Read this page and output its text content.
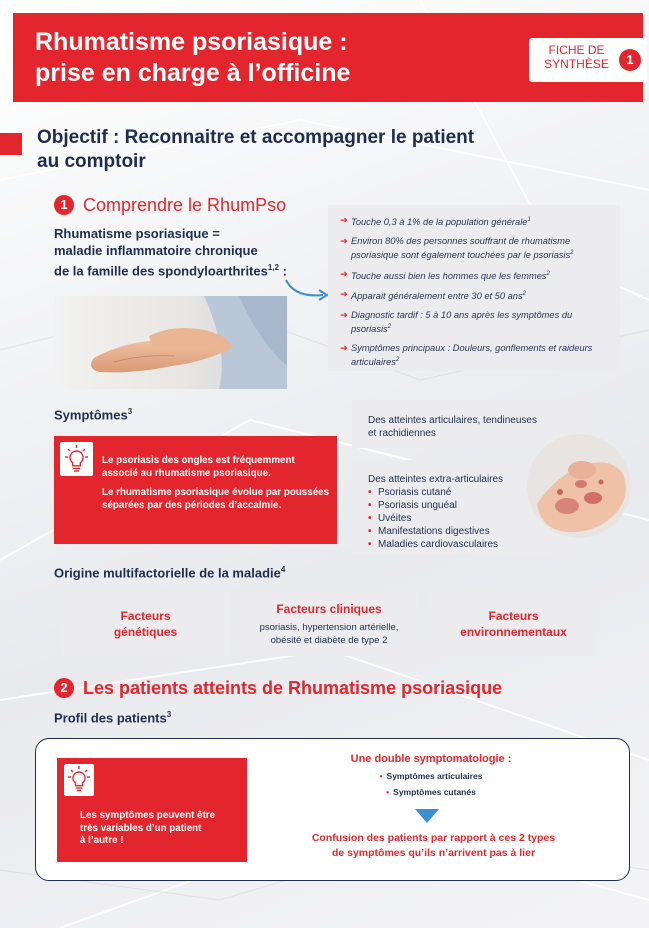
Rhumatisme psoriasique :
prise en charge à l’officine
FICHE DE
SYNTHÈSE	1
Objectif : Reconnaitre et accompagner le patient
au comptoir
1 Comprendre le RhumPso
Rhumatisme psoriasique =
maladie inflammatoire chronique
de la famille des spondyloarthrites$^{1,2}$ :
➔ Touche 0,3 à 1% de la population générale$^1$
➔ Environ 80% des personnes souffrant de rhumatisme psoriasique sont également touchées par le psoriasis$^2$
➔ Touche aussi bien les hommes que les femmes$^2$
➔ Apparait généralement entre 30 et 50 ans$^2$
➔ Diagnostic tardif : 5 à 10 ans après les symptômes du psoriasis$^2$
➔ Symptômes principaux : Douleurs, gonflements et raideurs articulaires$^2$
Symptômes$^3$
Le psoriasis des ongles est fréquemment associé au rhumatisme psoriasique.
Le rhumatisme psoriasique évolue par poussées séparées par des périodes d’accalmie.
Des atteintes articulaires, tendineuses
et rachidiennes
Des atteintes extra-articulaires
• Psoriasis cutané
• Psoriasis unguéal
• Uvéites
• Manifestations digestives
• Maladies cardiovasculaires
Origine multifactorielle de la maladie$^4$
Facteurs
génétiques
Facteurs cliniques
psoriasis, hypertension artérielle,
obésité et diabète de type 2
Facteurs
environnementaux
2 Les patients atteints de Rhumatisme psoriasique
Profil des patients$^3$
Les symptômes peuvent être
très variables d’un patient
à l’autre !
Une double symptomatologie :
• Symptômes articulaires
• Symptômes cutanés
Confusion des patients par rapport à ces 2 types
de symptômes qu’ils n’arrivent pas à lier
